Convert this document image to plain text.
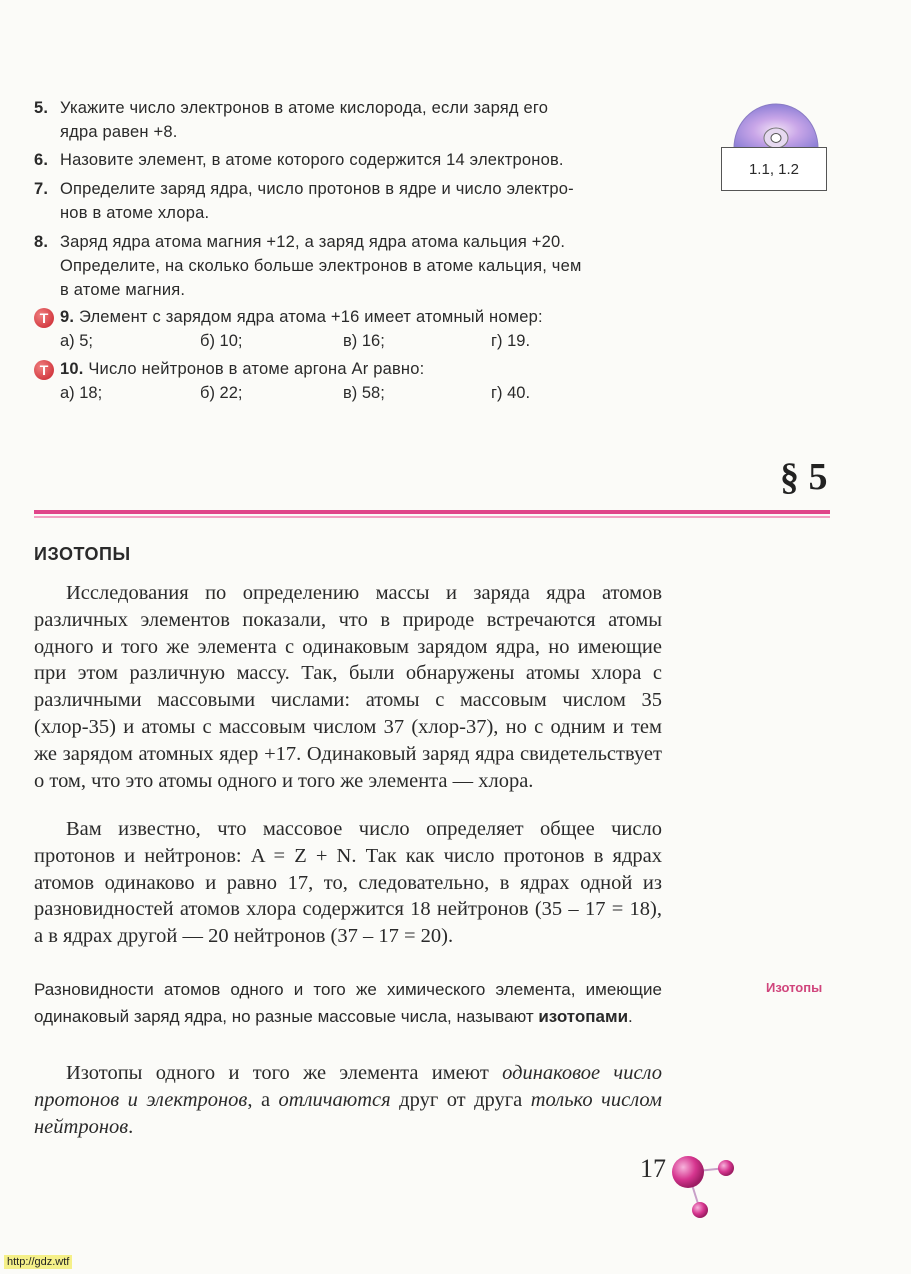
5. Укажите число электронов в атоме кислорода, если заряд его
ядра равен +8.
6. Назовите элемент, в атоме которого содержится 14 электронов.
7. Определите заряд ядра, число протонов в ядре и число электро-
нов в атоме хлора.
8. Заряд ядра атома магния +12, а заряд ядра атома кальция +20.
Определите, на сколько больше электронов в атоме кальция, чем
в атоме магния.
Т 9. Элемент с зарядом ядра атома +16 имеет атомный номер:
а) 5;	б) 10;	в) 16;	г) 19.
Т 10. Число нейтронов в атоме аргона Ar равно:
а) 18;	б) 22;	в) 58;	г) 40.
1.1, 1.2
§ 5
ИЗОТОПЫ

Исследования по определению массы и заряда ядра атомов различных элементов показали, что в природе встречаются атомы одного и того же элемента с одинаковым зарядом ядра, но имеющие при этом различную массу. Так, были обнаружены атомы хлора с различными массовыми числами: атомы с массовым числом 35 (хлор-35) и атомы с массовым числом 37 (хлор-37), но с одним и тем же зарядом атомных ядер +17. Одинаковый заряд ядра свидетельствует о том, что это атомы одного и того же элемента — хлора.

Вам известно, что массовое число определяет общее число протонов и нейтронов: A = Z + N. Так как число протонов в ядрах атомов одинаково и равно 17, то, следовательно, в ядрах одной из разновидностей атомов хлора содержится 18 нейтронов (35 – 17 = 18), а в ядрах другой — 20 нейтронов (37 – 17 = 20).

Разновидности атомов одного и того же химического элемента, имеющие одинаковый заряд ядра, но разные массовые числа, называют изотопами.

Изотопы одного и того же элемента имеют одинаковое число протонов и электронов, а отличаются друг от друга только числом нейтронов.

Изотопы
17
http://gdz.wtf
